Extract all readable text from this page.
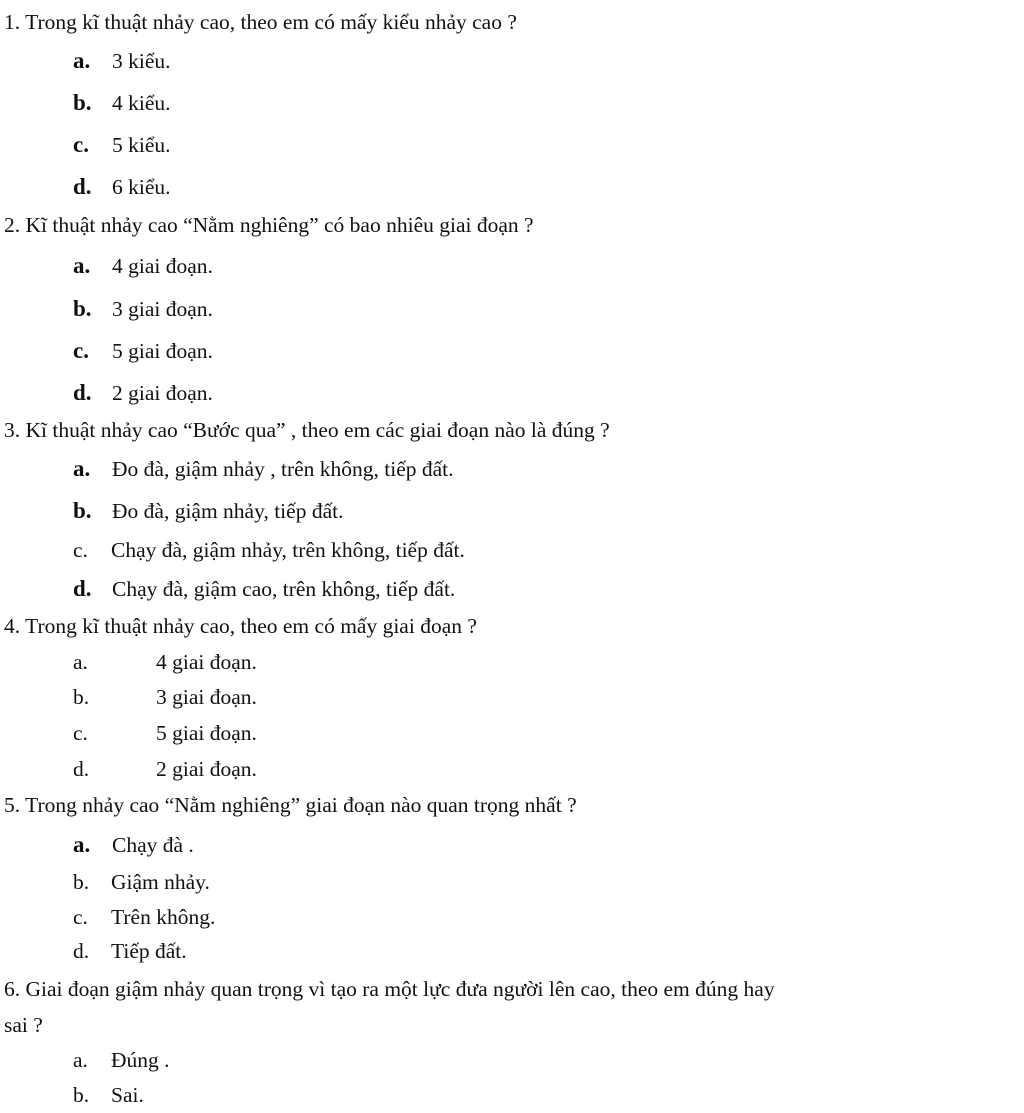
1. Trong kĩ thuật nhảy cao, theo em có mấy kiểu nhảy cao ?
a. 3 kiểu.
b. 4 kiểu.
c. 5 kiểu.
d. 6 kiểu.
2. Kĩ thuật nhảy cao “Nằm nghiêng” có bao nhiêu giai đoạn ?
a. 4 giai đoạn.
b. 3 giai đoạn.
c. 5 giai đoạn.
d. 2 giai đoạn.
3. Kĩ thuật nhảy cao “Bước qua” , theo em các giai đoạn nào là đúng ?
a. Đo đà, giậm nhảy , trên không, tiếp đất.
b. Đo đà, giậm nhảy, tiếp đất.
c. Chạy đà, giậm nhảy, trên không, tiếp đất.
d. Chạy đà, giậm cao, trên không, tiếp đất.
4. Trong kĩ thuật nhảy cao, theo em có mấy giai đoạn ?
a.	4 giai đoạn.
b.	3 giai đoạn.
c.	5 giai đoạn.
d.	2 giai đoạn.
5. Trong nhảy cao “Nằm nghiêng” giai đoạn nào quan trọng nhất ?
a. Chạy đà .
b. Giậm nhảy.
c. Trên không.
d. Tiếp đất.
6. Giai đoạn giậm nhảy quan trọng vì tạo ra một lực đưa người lên cao, theo em đúng hay
sai ?
a. Đúng .
b. Sai.
